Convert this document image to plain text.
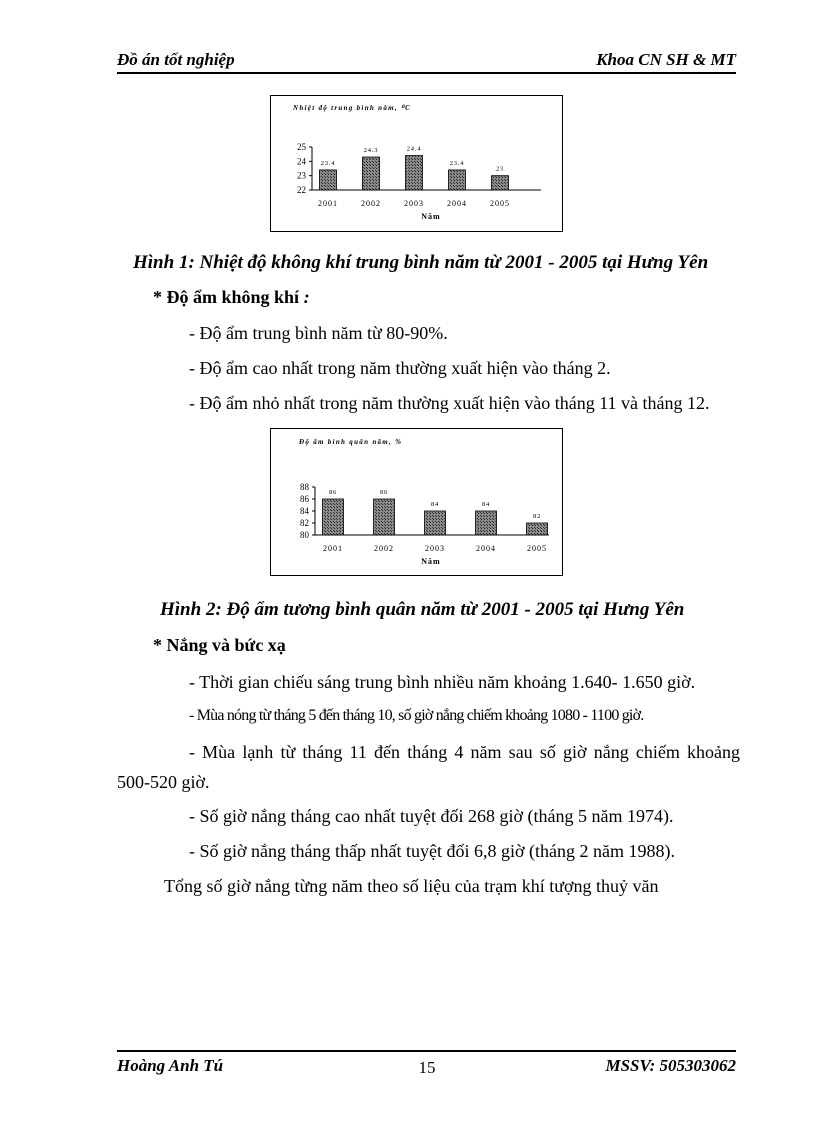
Đồ án tốt nghiệp	Khoa CN SH & MT
Nhiệt độ trung bình năm, ⁰C
22
23
24
25
23.4
2001
24.3
2002
24.4
2003
23.4
2004
23
2005
Năm
Hình 1: Nhiệt độ không khí trung bình năm từ 2001 - 2005 tại Hưng Yên
* Độ ẩm không khí :
- Độ ẩm trung bình năm từ 80-90%.
- Độ ẩm cao nhất trong năm thường xuất hiện vào tháng 2.
- Độ ẩm nhỏ nhất trong năm thường xuất hiện vào tháng 11 và tháng 12.
Độ ẩm bình quân năm, %
80
82
84
86
88
86
2001
86
2002
84
2003
84
2004
82
2005
Năm
Hình 2: Độ ẩm tương bình quân năm từ 2001 - 2005 tại Hưng Yên
* Nắng và bức xạ
- Thời gian chiếu sáng trung bình nhiều năm khoảng 1.640- 1.650 giờ.
- Mùa nóng từ tháng 5 đến tháng 10, số giờ nắng chiếm khoảng 1080 - 1100 giờ.
- Mùa lạnh từ tháng 11 đến tháng 4 năm sau số giờ nắng chiếm khoảng
500-520 giờ.
- Số giờ nắng tháng cao nhất tuyệt đối 268 giờ (tháng 5 năm 1974).
- Số giờ nắng tháng thấp nhất tuyệt đối 6,8 giờ (tháng 2 năm 1988).
Tổng số giờ nắng từng năm theo số liệu của trạm khí tượng thuỷ văn
Hoàng Anh Tú	15	MSSV: 505303062
